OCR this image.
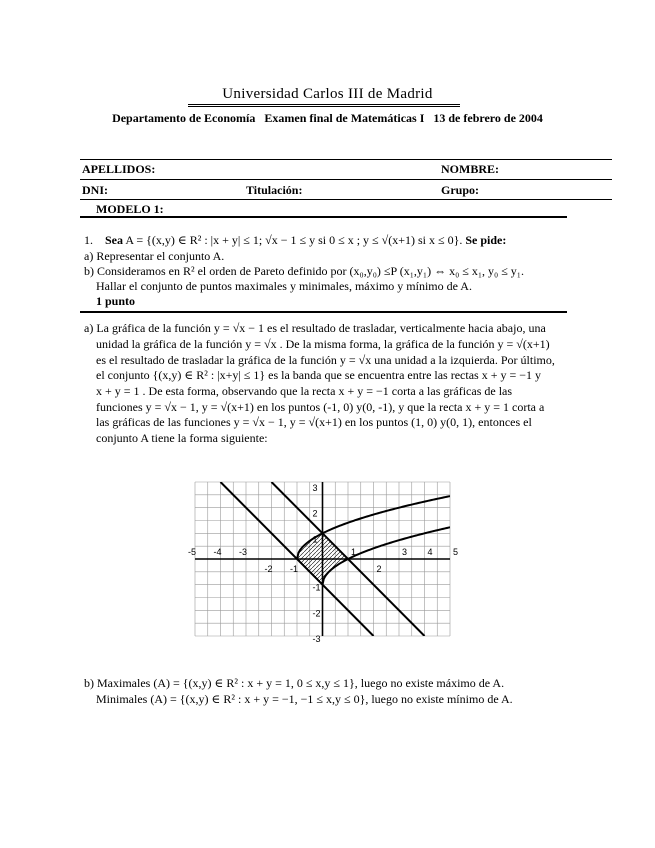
Universidad Carlos III de Madrid
Departamento de Economía Examen final de Matemáticas I 13 de febrero de 2004
APELLIDOS:	NOMBRE:
DNI:	Titulación:	Grupo:
MODELO 1:
1. Sea A = {(x,y) ∈ R² : |x + y| ≤ 1; √x − 1 ≤ y si 0 ≤ x ; y ≤ √(x+1) si x ≤ 0}. Se pide:
a) Representar el conjunto A.
b) Consideramos en R² el orden de Pareto definido por (x₀,y₀) ≤P (x₁,y₁) ⇔ x₀ ≤ x₁, y₀ ≤ y₁.
Hallar el conjunto de puntos maximales y minimales, máximo y mínimo de A.
1 punto
a) La gráfica de la función y = √x − 1 es el resultado de trasladar, verticalmente hacia abajo, una
unidad la gráfica de la función y = √x . De la misma forma, la gráfica de la función y = √(x+1)
es el resultado de trasladar la gráfica de la función y = √x una unidad a la izquierda. Por último,
el conjunto {(x,y) ∈ R² : |x+y| ≤ 1} es la banda que se encuentra entre las rectas x + y = −1 y
x + y = 1 . De esta forma, observando que la recta x + y = −1 corta a las gráficas de las
funciones y = √x − 1, y = √(x+1) en los puntos (-1, 0) y(0, -1), y que la recta x + y = 1 corta a
las gráficas de las funciones y = √x − 1, y = √(x+1) en los puntos (1, 0) y(0, 1), entonces el
conjunto A tiene la forma siguiente:
-5 -4 -3
-2 -1
1
2
3 4 5
3
2
1
-1
-2
-3
b) Maximales (A) = {(x,y) ∈ R² : x + y = 1, 0 ≤ x,y ≤ 1}, luego no existe máximo de A.
Minimales (A) = {(x,y) ∈ R² : x + y = −1, −1 ≤ x,y ≤ 0}, luego no existe mínimo de A.
